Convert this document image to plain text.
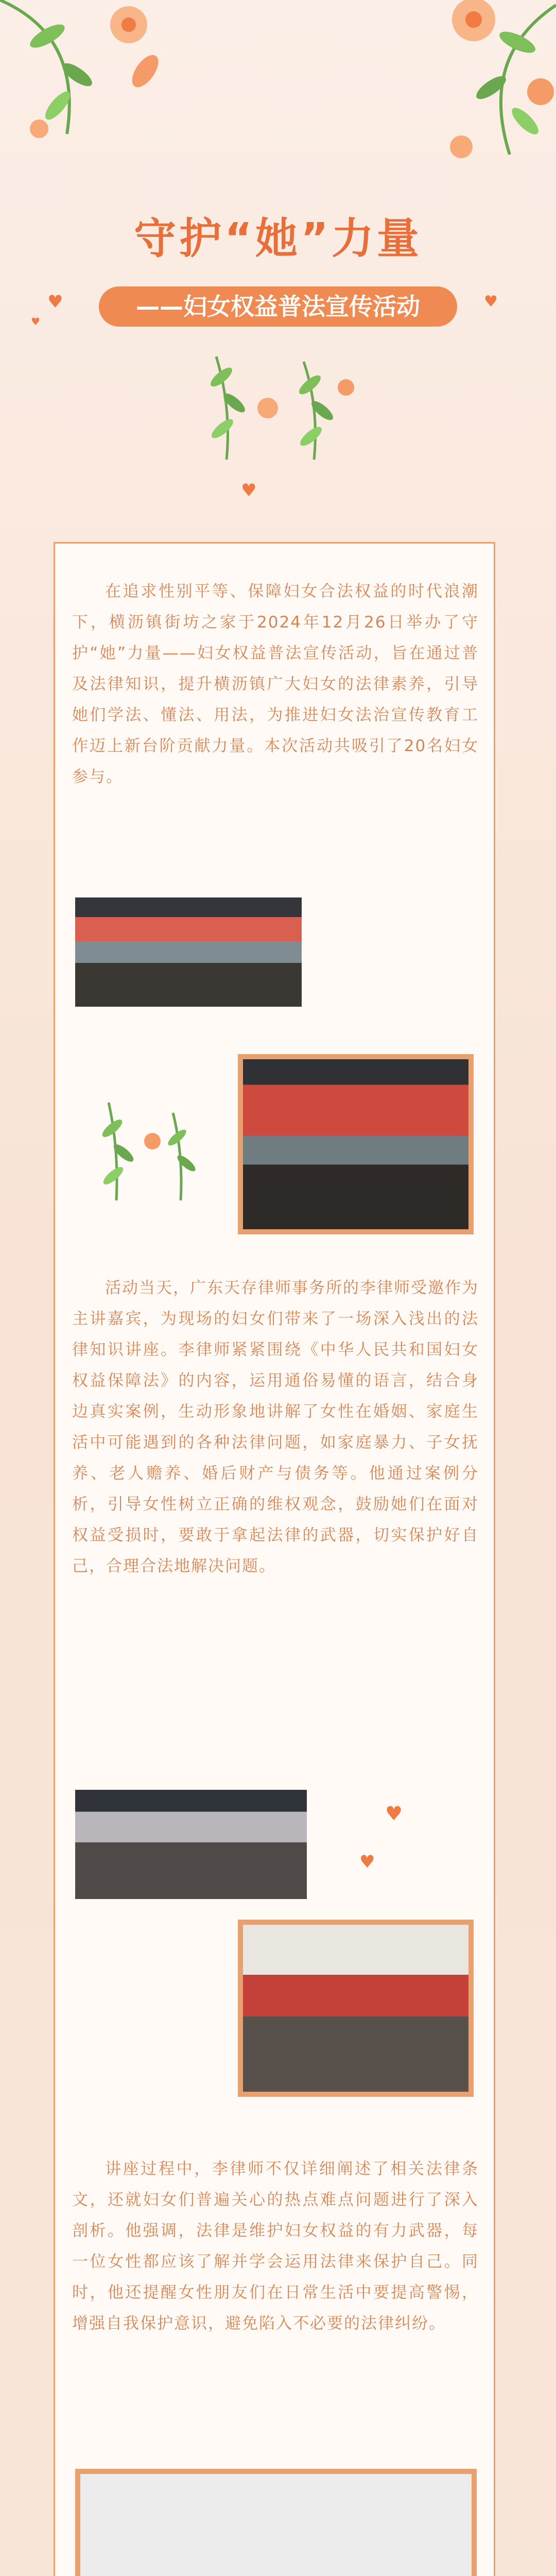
守护“她”力量
——妇女权益普法宣传活动
♥	♥
♥
♥
在追求性别平等、保障妇女合法权益的时代浪潮下，横沥镇街坊之家于2024年12月26日举办了守护“她”力量——妇女权益普法宣传活动，旨在通过普及法律知识，提升横沥镇广大妇女的法律素养，引导她们学法、懂法、用法，为推进妇女法治宣传教育工作迈上新台阶贡献力量。本次活动共吸引了20名妇女参与。
活动当天，广东天存律师事务所的李律师受邀作为主讲嘉宾，为现场的妇女们带来了一场深入浅出的法律知识讲座。李律师紧紧围绕《中华人民共和国妇女权益保障法》的内容，运用通俗易懂的语言，结合身边真实案例，生动形象地讲解了女性在婚姻、家庭生活中可能遇到的各种法律问题，如家庭暴力、子女抚养、老人赡养、婚后财产与债务等。他通过案例分析，引导女性树立正确的维权观念，鼓励她们在面对权益受损时，要敢于拿起法律的武器，切实保护好自己，合理合法地解决问题。
♥
♥
讲座过程中，李律师不仅详细阐述了相关法律条文，还就妇女们普遍关心的热点难点问题进行了深入剖析。他强调，法律是维护妇女权益的有力武器，每一位女性都应该了解并学会运用法律来保护自己。同时，他还提醒女性朋友们在日常生活中要提高警惕，增强自我保护意识，避免陷入不必要的法律纠纷。
